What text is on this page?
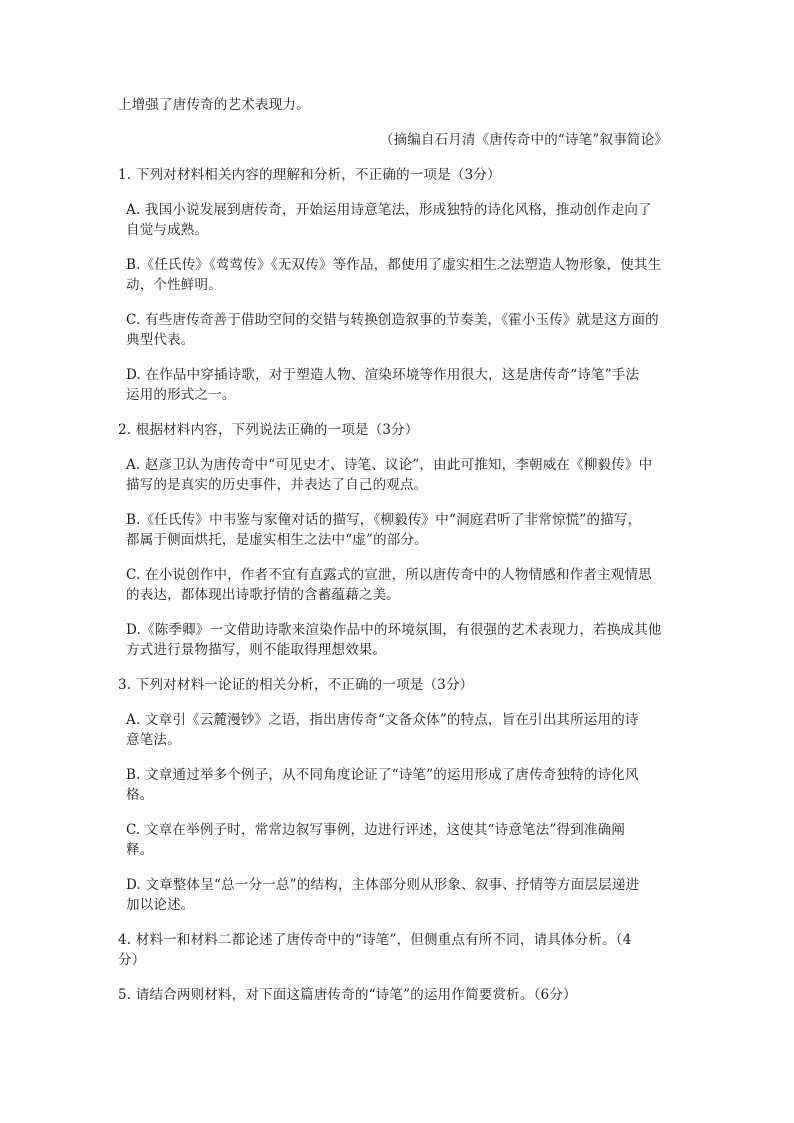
上增强了唐传奇的艺术表现力。
（摘编自石月清《唐传奇中的“诗笔”叙事简论》
1. 下列对材料相关内容的理解和分析，不正确的一项是（3分）
A. 我国小说发展到唐传奇，开始运用诗意笔法，形成独特的诗化风格，推动创作走向了
自觉与成熟。
B.《任氏传》《莺莺传》《无双传》等作品，都使用了虚实相生之法塑造人物形象，使其生
动，个性鲜明。
C. 有些唐传奇善于借助空间的交错与转换创造叙事的节奏美，《霍小玉传》就是这方面的
典型代表。
D. 在作品中穿插诗歌，对于塑造人物、渲染环境等作用很大，这是唐传奇“诗笔”手法
运用的形式之一。
2. 根据材料内容，下列说法正确的一项是（3分）
A. 赵彦卫认为唐传奇中“可见史才、诗笔、议论”，由此可推知，李朝威在《柳毅传》中
描写的是真实的历史事件，并表达了自己的观点。
B.《任氏传》中韦鉴与家僮对话的描写，《柳毅传》中“洞庭君听了非常惊慌”的描写，
都属于侧面烘托，是虚实相生之法中“虚”的部分。
C. 在小说创作中，作者不宜有直露式的宣泄，所以唐传奇中的人物情感和作者主观情思
的表达，都体现出诗歌抒情的含蓄蕴藉之美。
D.《陈季卿》一文借助诗歌来渲染作品中的环境氛围，有很强的艺术表现力，若换成其他
方式进行景物描写，则不能取得理想效果。
3. 下列对材料一论证的相关分析，不正确的一项是（3分）
A. 文章引《云麓漫钞》之语，指出唐传奇“文备众体”的特点，旨在引出其所运用的诗
意笔法。
B. 文章通过举多个例子，从不同角度论证了“诗笔”的运用形成了唐传奇独特的诗化风
格。
C. 文章在举例子时，常常边叙写事例，边进行评述，这使其“诗意笔法”得到准确阐
释。
D. 文章整体呈“总一分一总”的结构，主体部分则从形象、叙事、抒情等方面层层递进
加以论述。
4. 材料一和材料二都论述了唐传奇中的“诗笔”，但侧重点有所不同，请具体分析。（4
分）
5. 请结合两则材料，对下面这篇唐传奇的“诗笔”的运用作简要赏析。（6分）
